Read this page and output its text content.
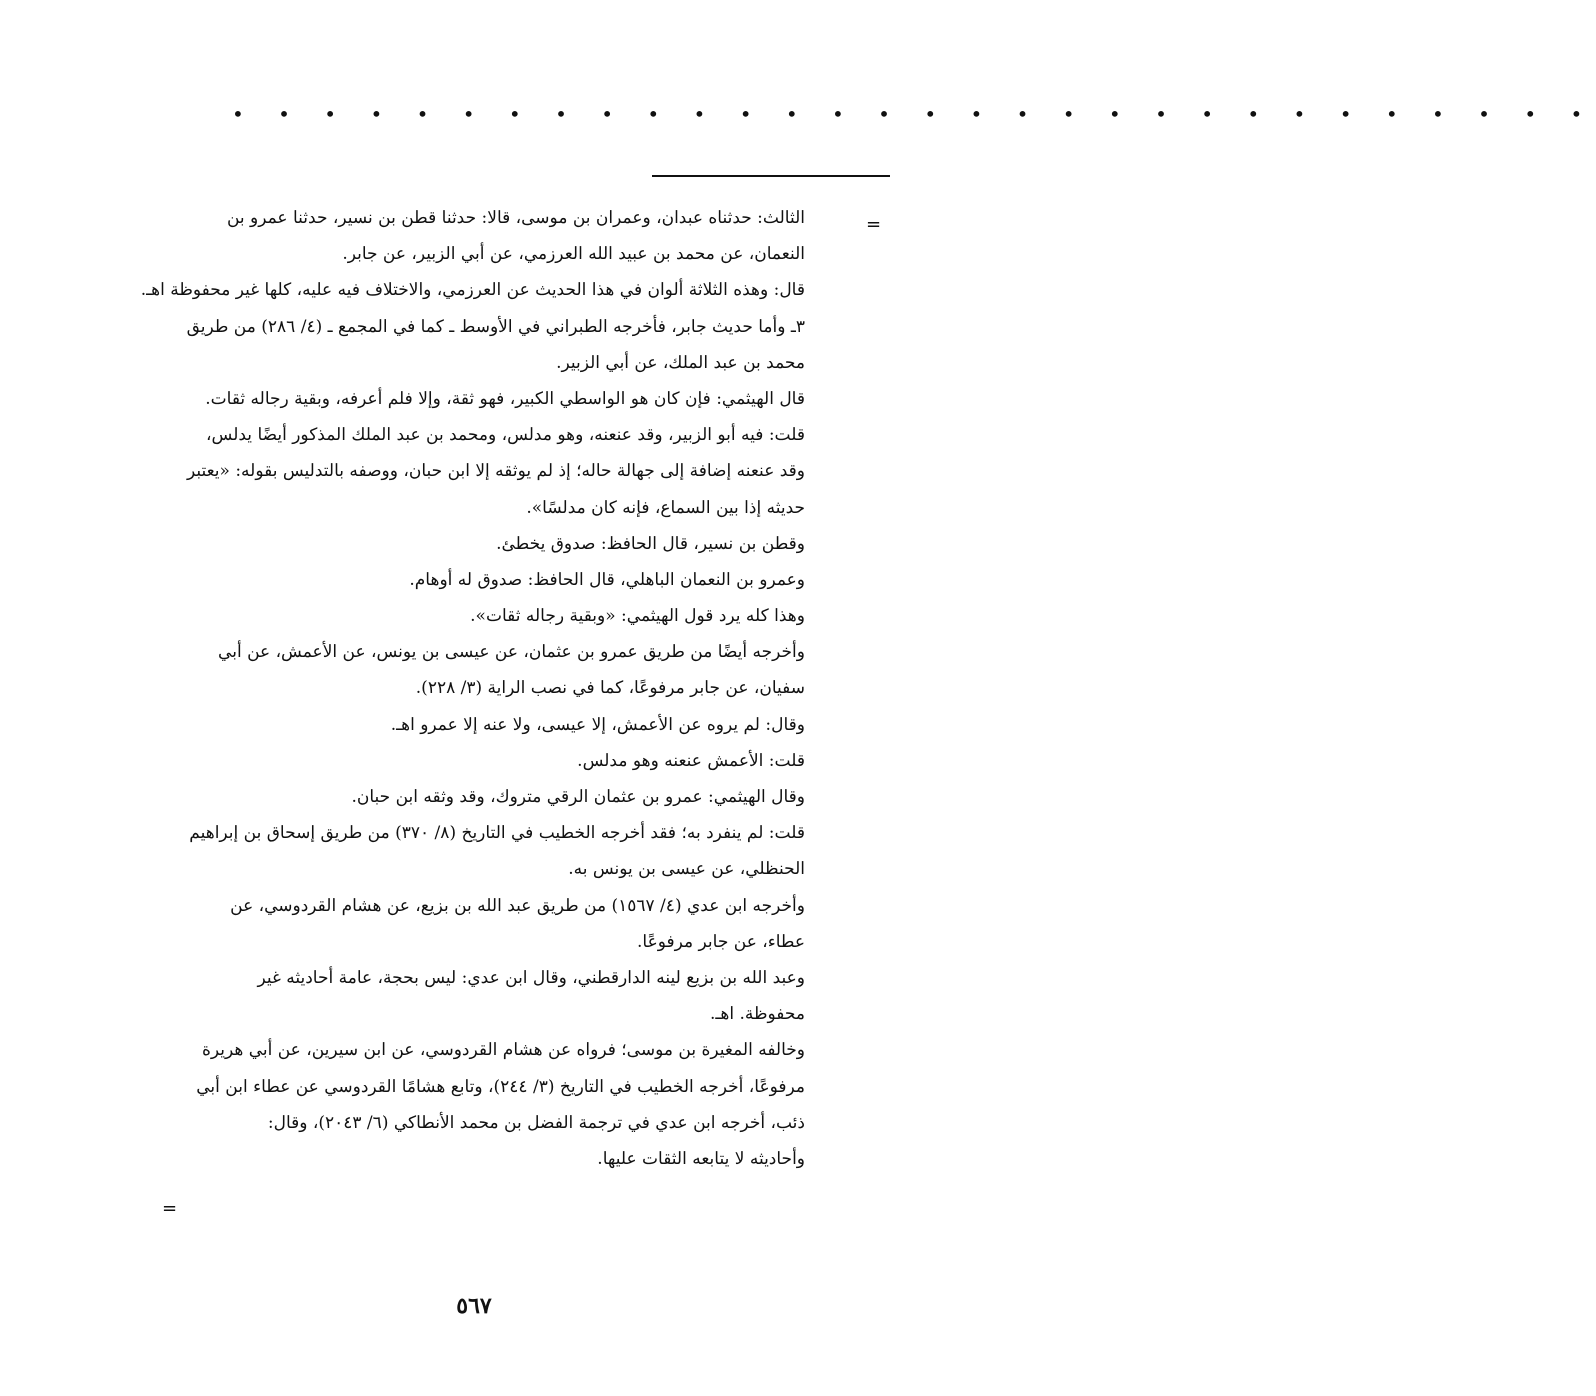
• • • • • • • • • • • • • • • • • • • • • • • • • • • • • •
=
الثالث: حدثناه عبدان، وعمران بن موسى، قالا: حدثنا قطن بن نسير، حدثنا عمرو بن
النعمان، عن محمد بن عبيد الله العرزمي، عن أبي الزبير، عن جابر.
قال: وهذه الثلاثة ألوان في هذا الحديث عن العرزمي، والاختلاف فيه عليه، كلها غير محفوظة اهـ.
٣ـ وأما حديث جابر، فأخرجه الطبراني في الأوسط ـ كما في المجمع ـ (٤/ ٢٨٦) من طريق
محمد بن عبد الملك، عن أبي الزبير.
قال الهيثمي: فإن كان هو الواسطي الكبير، فهو ثقة، وإلا فلم أعرفه، وبقية رجاله ثقات.
قلت: فيه أبو الزبير، وقد عنعنه، وهو مدلس، ومحمد بن عبد الملك المذكور أيضًا يدلس،
وقد عنعنه إضافة إلى جهالة حاله؛ إذ لم يوثقه إلا ابن حبان، ووصفه بالتدليس بقوله: «يعتبر
حديثه إذا بين السماع، فإنه كان مدلسًا».
وقطن بن نسير، قال الحافظ: صدوق يخطئ.
وعمرو بن النعمان الباهلي، قال الحافظ: صدوق له أوهام.
وهذا كله يرد قول الهيثمي: «وبقية رجاله ثقات».
وأخرجه أيضًا من طريق عمرو بن عثمان، عن عيسى بن يونس، عن الأعمش، عن أبي
سفيان، عن جابر مرفوعًا، كما في نصب الراية (٣/ ٢٢٨).
وقال: لم يروه عن الأعمش، إلا عيسى، ولا عنه إلا عمرو اهـ.
قلت: الأعمش عنعنه وهو مدلس.
وقال الهيثمي: عمرو بن عثمان الرقي متروك، وقد وثقه ابن حبان.
قلت: لم ينفرد به؛ فقد أخرجه الخطيب في التاريخ (٨/ ٣٧٠) من طريق إسحاق بن إبراهيم
الحنظلي، عن عيسى بن يونس به.
وأخرجه ابن عدي (٤/ ١٥٦٧) من طريق عبد الله بن بزيع، عن هشام القردوسي، عن
عطاء، عن جابر مرفوعًا.
وعبد الله بن بزيع لينه الدارقطني، وقال ابن عدي: ليس بحجة، عامة أحاديثه غير
محفوظة. اهـ.
وخالفه المغيرة بن موسى؛ فرواه عن هشام القردوسي، عن ابن سيرين، عن أبي هريرة
مرفوعًا، أخرجه الخطيب في التاريخ (٣/ ٢٤٤)، وتابع هشامًا القردوسي عن عطاء ابن أبي
ذئب، أخرجه ابن عدي في ترجمة الفضل بن محمد الأنطاكي (٦/ ٢٠٤٣)، وقال:
وأحاديثه لا يتابعه الثقات عليها.
=
٥٦٧
